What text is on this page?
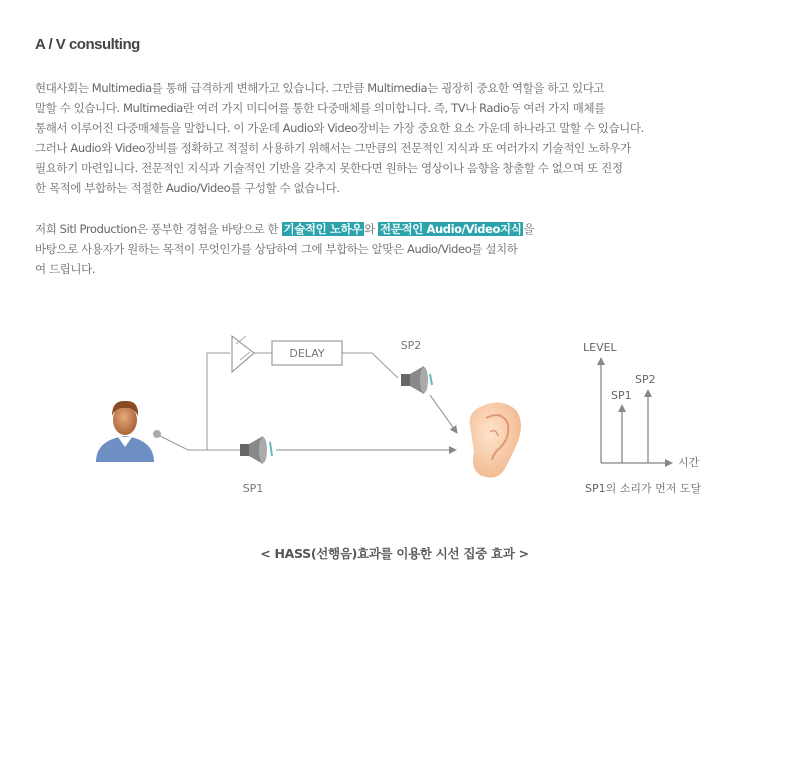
A / V consulting
현대사회는 Multimedia를 통해 급격하게 변해가고 있습니다. 그만큼 Multimedia는 굉장히 중요한 역할을 하고 있다고
말할 수 있습니다. Multimedia란 여러 가지 미디어를 통한 다중매체를 의미합니다. 즉, TV나 Radio등 여러 가지 매체를
통해서 이루어진 다중매체들을 말합니다. 이 가운데 Audio와 Video장비는 가장 중요한 요소 가운데 하나라고 말할 수 있습니다.
그러나 Audio와 Video장비를 정확하고 적절히 사용하기 위해서는 그만큼의 전문적인 지식과 또 여러가지 기술적인 노하우가
필요하기 마련입니다. 전문적인 지식과 기술적인 기반을 갖추지 못한다면 원하는 영상이나 음향을 창출할 수 없으며 또 진정
한 목적에 부합하는 적절한 Audio/Video를 구성할 수 없습니다.
저희 Sitl Production은 풍부한 경험을 바탕으로 한 기술적인 노하우 와 전문적인 Audio/Video지식 을
바탕으로 사용자가 원하는 목적이 무엇인가를 상담하여 그에 부합하는 알맞은 Audio/Video를 설치하
여 드립니다.
DELAY
SP2
SP1
LEVEL
시간
SP1
SP2
SP1의 소리가 먼저 도달
< HASS(선행음)효과를 이용한 시선 집중 효과 >
